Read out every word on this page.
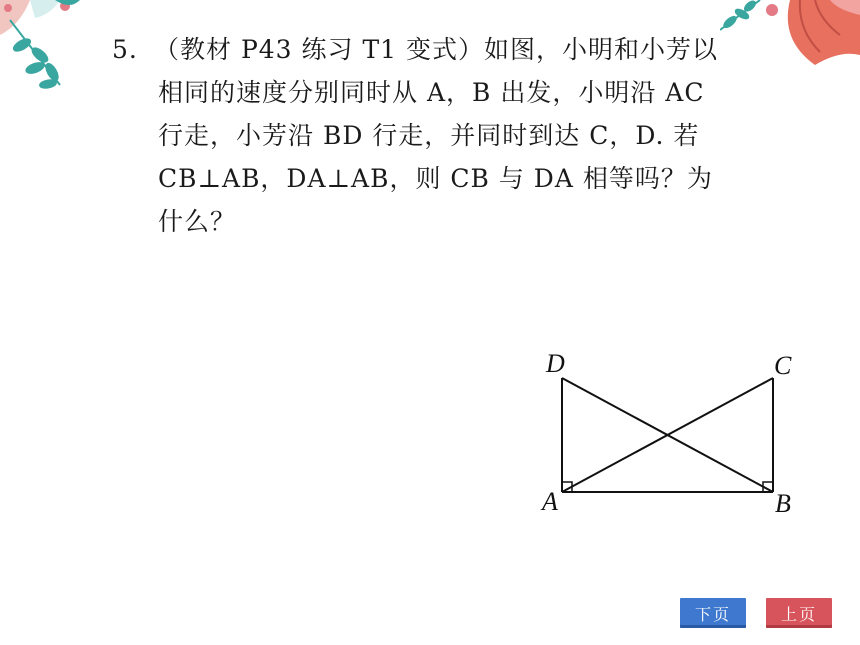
5. （教材 P43 练习 T1 变式）如图，小明和小芳以
相同的速度分别同时从 A，B 出发，小明沿 AC
行走，小芳沿 BD 行走，并同时到达 C，D. 若
CB⊥AB，DA⊥AB，则 CB 与 DA 相等吗？为
什么？
D	C
A	B
下页	上页
